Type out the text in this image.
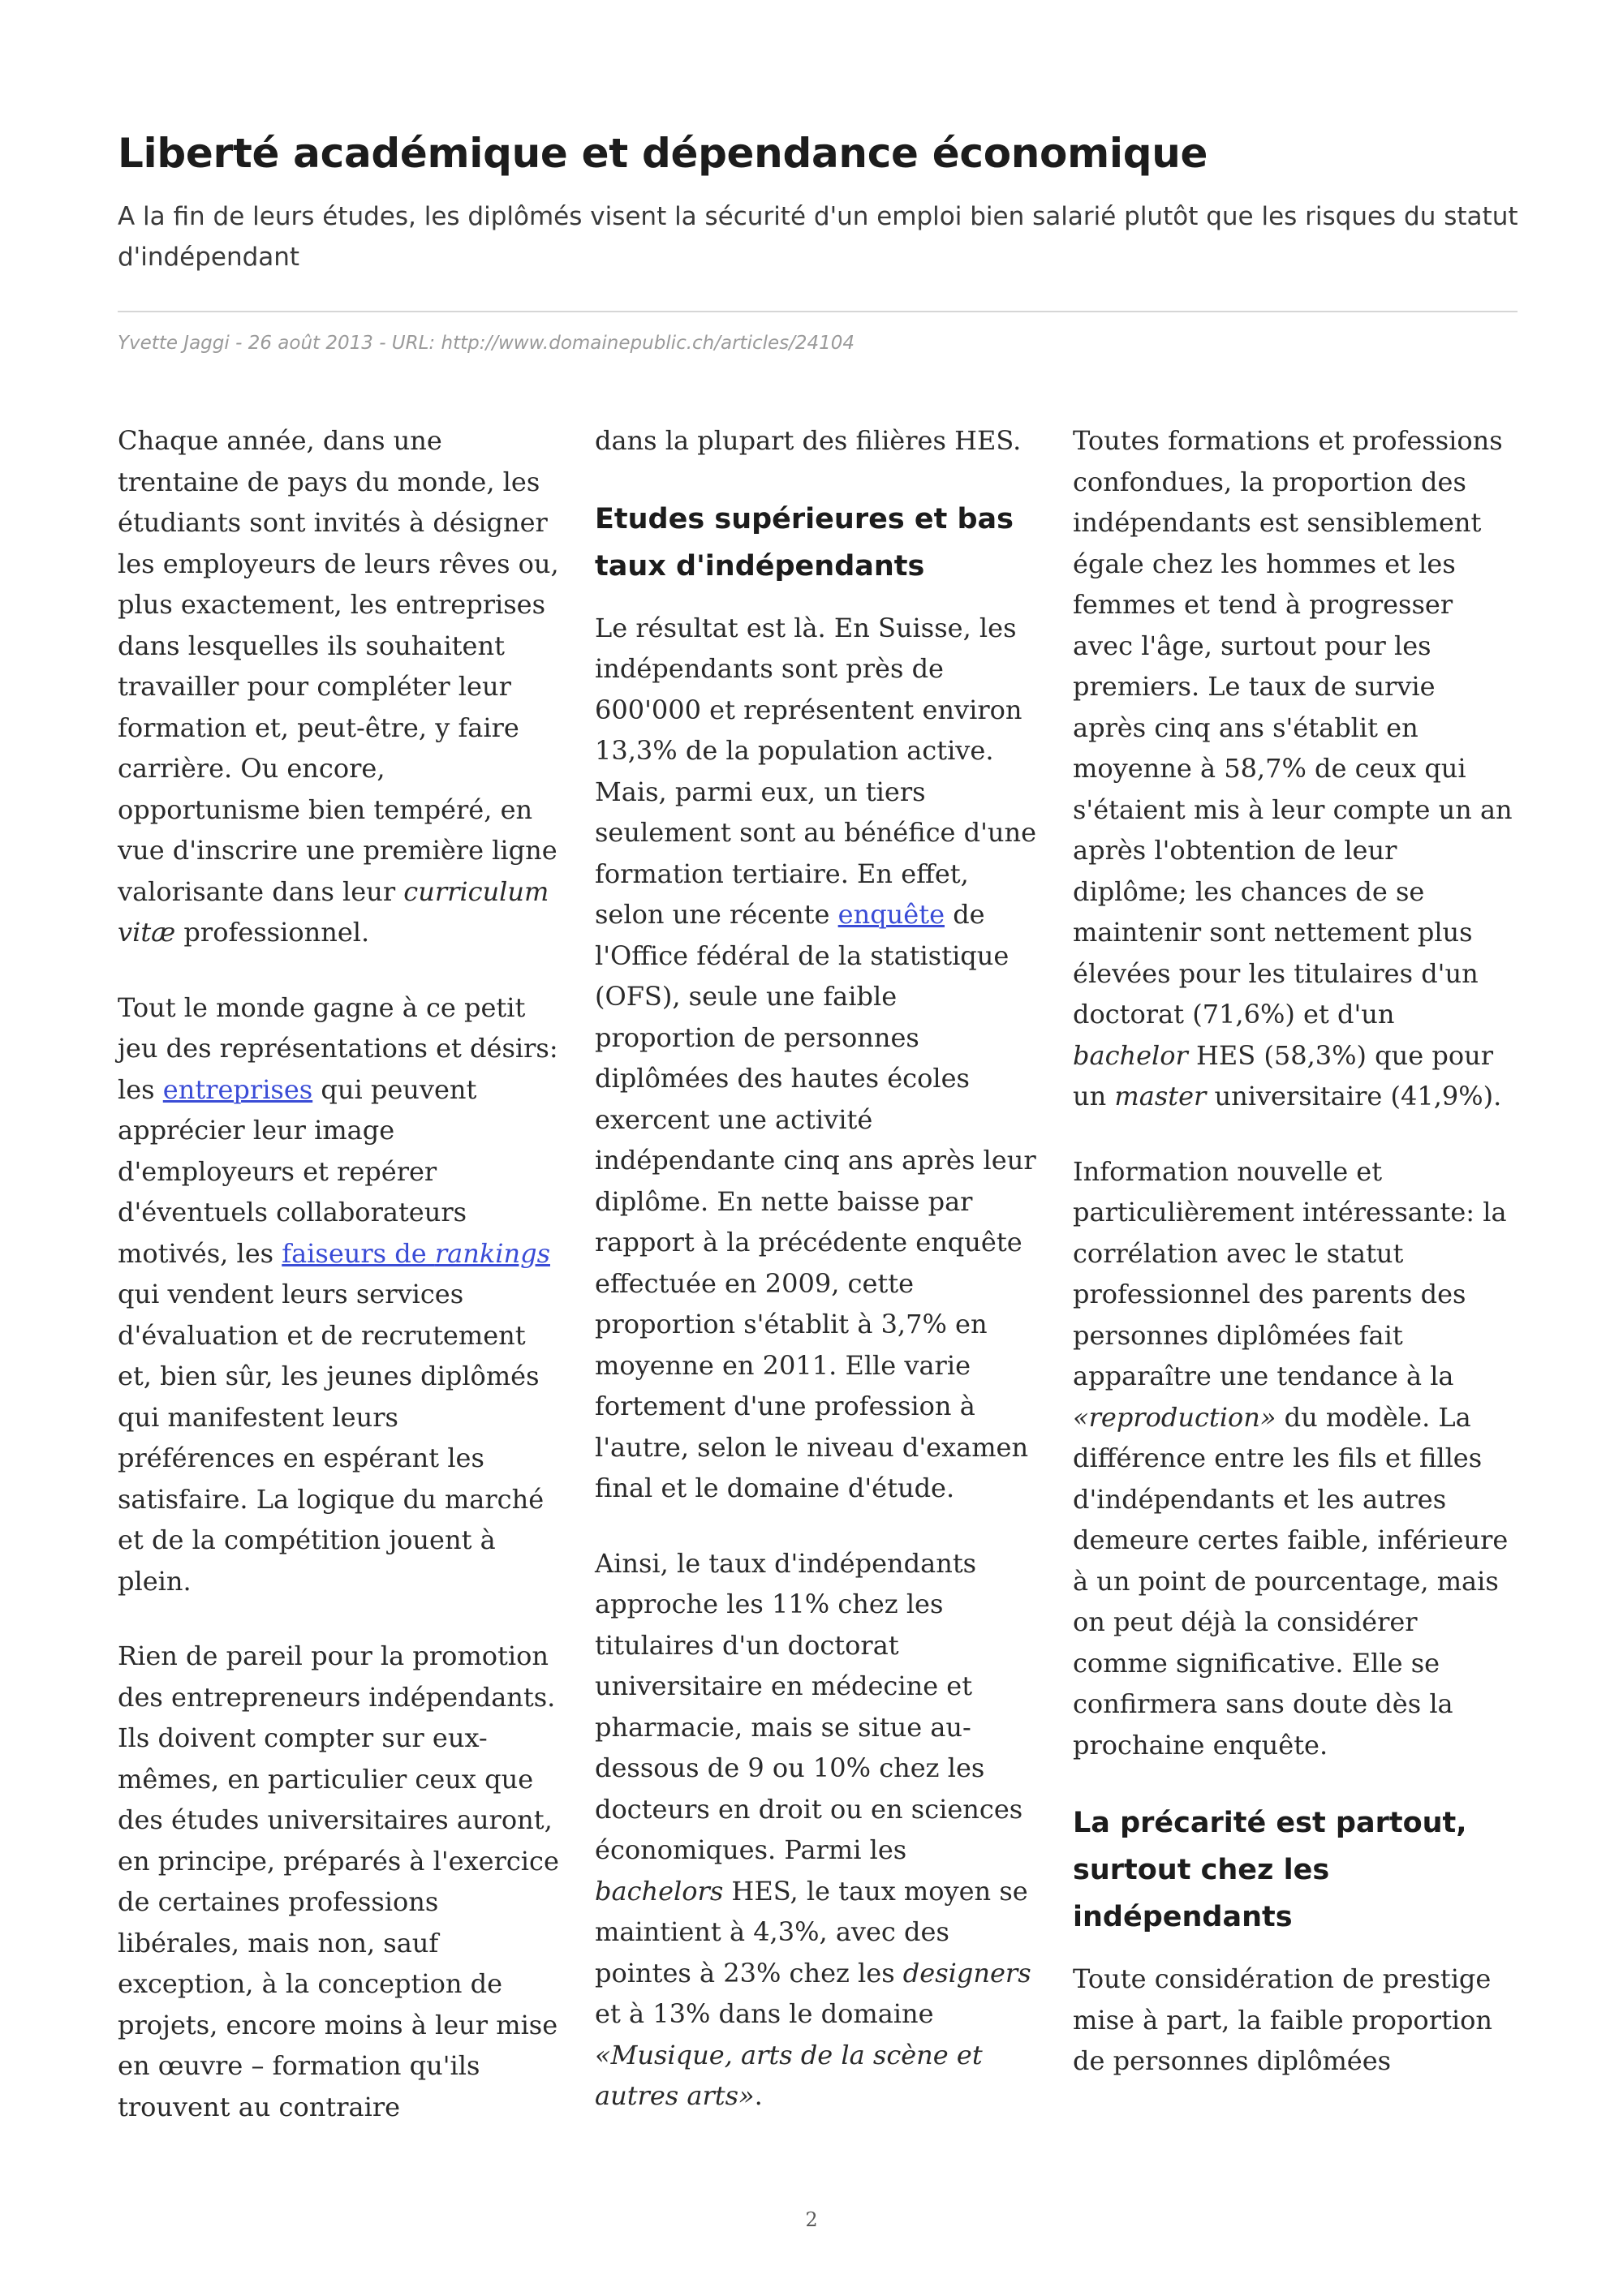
Liberté académique et dépendance économique

A la fin de leurs études, les diplômés visent la sécurité d'un emploi bien salarié plutôt que les risques du statut d'indépendant

Yvette Jaggi - 26 août 2013 - URL: http://www.domainepublic.ch/articles/24104

Chaque année, dans une trentaine de pays du monde, les étudiants sont invités à désigner les employeurs de leurs rêves ou, plus exactement, les entreprises dans lesquelles ils souhaitent travailler pour compléter leur formation et, peut-être, y faire carrière. Ou encore, opportunisme bien tempéré, en vue d'inscrire une première ligne valorisante dans leur curriculum vitæ professionnel.

Tout le monde gagne à ce petit jeu des représentations et désirs: les entreprises qui peuvent apprécier leur image d'employeurs et repérer d'éventuels collaborateurs motivés, les faiseurs de rankings qui vendent leurs services d'évaluation et de recrutement et, bien sûr, les jeunes diplômés qui manifestent leurs préférences en espérant les satisfaire. La logique du marché et de la compétition jouent à plein.

Rien de pareil pour la promotion des entrepreneurs indépendants. Ils doivent compter sur eux-mêmes, en particulier ceux que des études universitaires auront, en principe, préparés à l'exercice de certaines professions libérales, mais non, sauf exception, à la conception de projets, encore moins à leur mise en œuvre – formation qu'ils trouvent au contraire

dans la plupart des filières HES.

Etudes supérieures et bas taux d'indépendants

Le résultat est là. En Suisse, les indépendants sont près de 600'000 et représentent environ 13,3% de la population active. Mais, parmi eux, un tiers seulement sont au bénéfice d'une formation tertiaire. En effet, selon une récente enquête de l'Office fédéral de la statistique (OFS), seule une faible proportion de personnes diplômées des hautes écoles exercent une activité indépendante cinq ans après leur diplôme. En nette baisse par rapport à la précédente enquête effectuée en 2009, cette proportion s'établit à 3,7% en moyenne en 2011. Elle varie fortement d'une profession à l'autre, selon le niveau d'examen final et le domaine d'étude.

Ainsi, le taux d'indépendants approche les 11% chez les titulaires d'un doctorat universitaire en médecine et pharmacie, mais se situe au-dessous de 9 ou 10% chez les docteurs en droit ou en sciences économiques. Parmi les bachelors HES, le taux moyen se maintient à 4,3%, avec des pointes à 23% chez les designers et à 13% dans le domaine «Musique, arts de la scène et autres arts».

Toutes formations et professions confondues, la proportion des indépendants est sensiblement égale chez les hommes et les femmes et tend à progresser avec l'âge, surtout pour les premiers. Le taux de survie après cinq ans s'établit en moyenne à 58,7% de ceux qui s'étaient mis à leur compte un an après l'obtention de leur diplôme; les chances de se maintenir sont nettement plus élevées pour les titulaires d'un doctorat (71,6%) et d'un bachelor HES (58,3%) que pour un master universitaire (41,9%).

Information nouvelle et particulièrement intéressante: la corrélation avec le statut professionnel des parents des personnes diplômées fait apparaître une tendance à la «reproduction» du modèle. La différence entre les fils et filles d'indépendants et les autres demeure certes faible, inférieure à un point de pourcentage, mais on peut déjà la considérer comme significative. Elle se confirmera sans doute dès la prochaine enquête.

La précarité est partout, surtout chez les indépendants

Toute considération de prestige mise à part, la faible proportion de personnes diplômées

2
